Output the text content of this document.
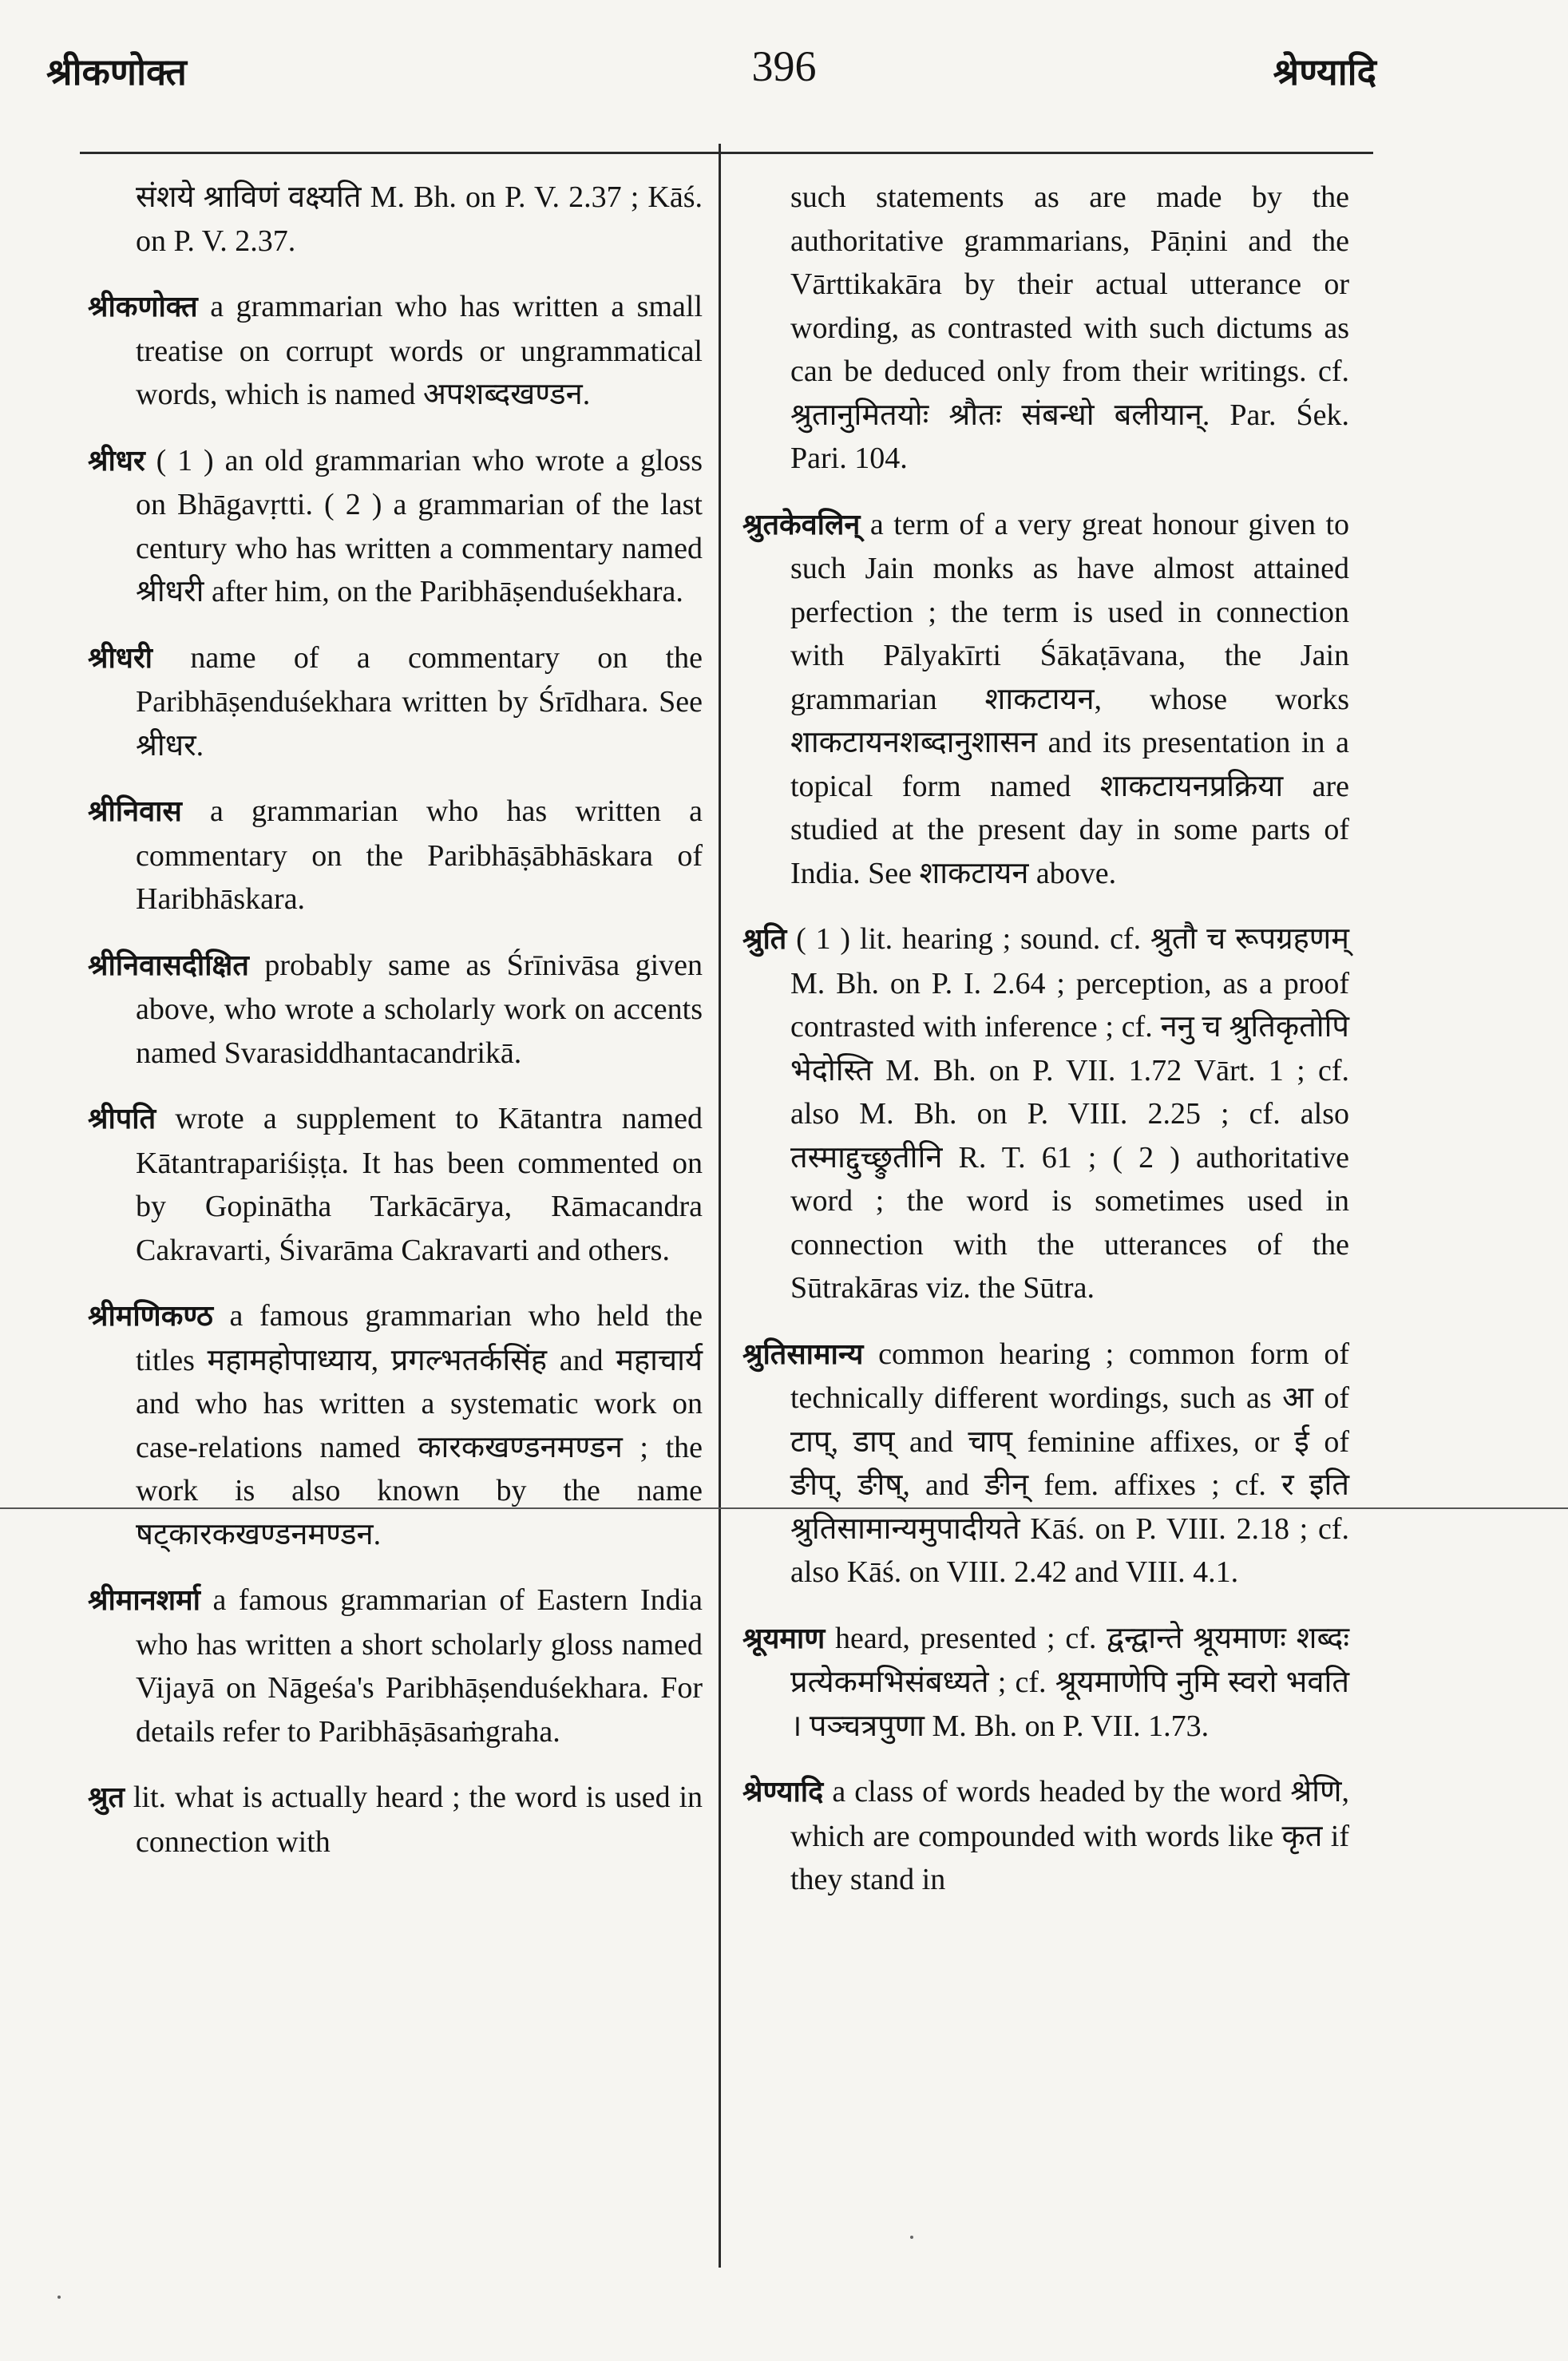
श्रीकणोक्त	396	श्रेण्यादि

संशये श्राविणं वक्ष्यति M. Bh. on P. V. 2.37 ; Kāś. on P. V. 2.37.

श्रीकणोक्त a grammarian who has written a small treatise on corrupt words or ungrammatical words, which is named अपशब्दखण्डन.

श्रीधर ( 1 ) an old grammarian who wrote a gloss on Bhāgavṛtti. ( 2 ) a grammarian of the last century who has written a commentary named श्रीधरी after him, on the Paribhāṣenduśekhara.

श्रीधरी name of a commentary on the Paribhāṣenduśekhara written by Śrīdhara. See श्रीधर.

श्रीनिवास a grammarian who has written a commentary on the Paribhāṣābhāskara of Haribhāskara.

श्रीनिवासदीक्षित probably same as Śrīnivāsa given above, who wrote a scholarly work on accents named Svarasiddhantacandrikā.

श्रीपति wrote a supplement to Kātantra named Kātantrapariśiṣṭa. It has been commented on by Gopinātha Tarkācārya, Rāmacandra Cakravarti, Śivarāma Cakravarti and others.

श्रीमणिकण्ठ a famous grammarian who held the titles महामहोपाध्याय, प्रगल्भतर्कसिंह and महाचार्य and who has written a systematic work on case-relations named कारकखण्डनमण्डन ; the work is also known by the name षट्कारकखण्डनमण्डन.

श्रीमानशर्मा a famous grammarian of Eastern India who has written a short scholarly gloss named Vijayā on Nāgeśa's Paribhāṣenduśekhara. For details refer to Paribhāṣāsaṁgraha.

श्रुत lit. what is actually heard ; the word is used in connection with

such statements as are made by the authoritative grammarians, Pāṇini and the Vārttikakāra by their actual utterance or wording, as contrasted with such dictums as can be deduced only from their writings. cf. श्रुतानुमितयोः श्रौतः संबन्धो बलीयान्. Par. Śek. Pari. 104.

श्रुतकेवलिन् a term of a very great honour given to such Jain monks as have almost attained perfection ; the term is used in connection with Pālyakīrti Śākaṭāvana, the Jain grammarian शाकटायन, whose works शाकटायनशब्दानुशासन and its presentation in a topical form named शाकटायनप्रक्रिया are studied at the present day in some parts of India. See शाकटायन above.

श्रुति ( 1 ) lit. hearing ; sound. cf. श्रुतौ च रूपग्रहणम् M. Bh. on P. I. 2.64 ; perception, as a proof contrasted with inference ; cf. ननु च श्रुतिकृतोपि भेदोस्ति M. Bh. on P. VII. 1.72 Vārt. 1 ; cf. also M. Bh. on P. VIII. 2.25 ; cf. also तस्माद्दुच्छ्रुतीनि R. T. 61 ; ( 2 ) authoritative word ; the word is sometimes used in connection with the utterances of the Sūtrakāras viz. the Sūtra.

श्रुतिसामान्य common hearing ; common form of technically different wordings, such as आ of टाप्, डाप् and चाप् feminine affixes, or ई of ङीप्, ङीष्, and ङीन् fem. affixes ; cf. र इति श्रुतिसामान्यमुपादीयते Kāś. on P. VIII. 2.18 ; cf. also Kāś. on VIII. 2.42 and VIII. 4.1.

श्रूयमाण heard, presented ; cf. द्वन्द्वान्ते श्रूयमाणः शब्दः प्रत्येकमभिसंबध्यते ; cf. श्रूयमाणेपि नुमि स्वरो भवति । पञ्चत्रपुणा M. Bh. on P. VII. 1.73.

श्रेण्यादि a class of words headed by the word श्रेणि, which are compounded with words like कृत if they stand in
